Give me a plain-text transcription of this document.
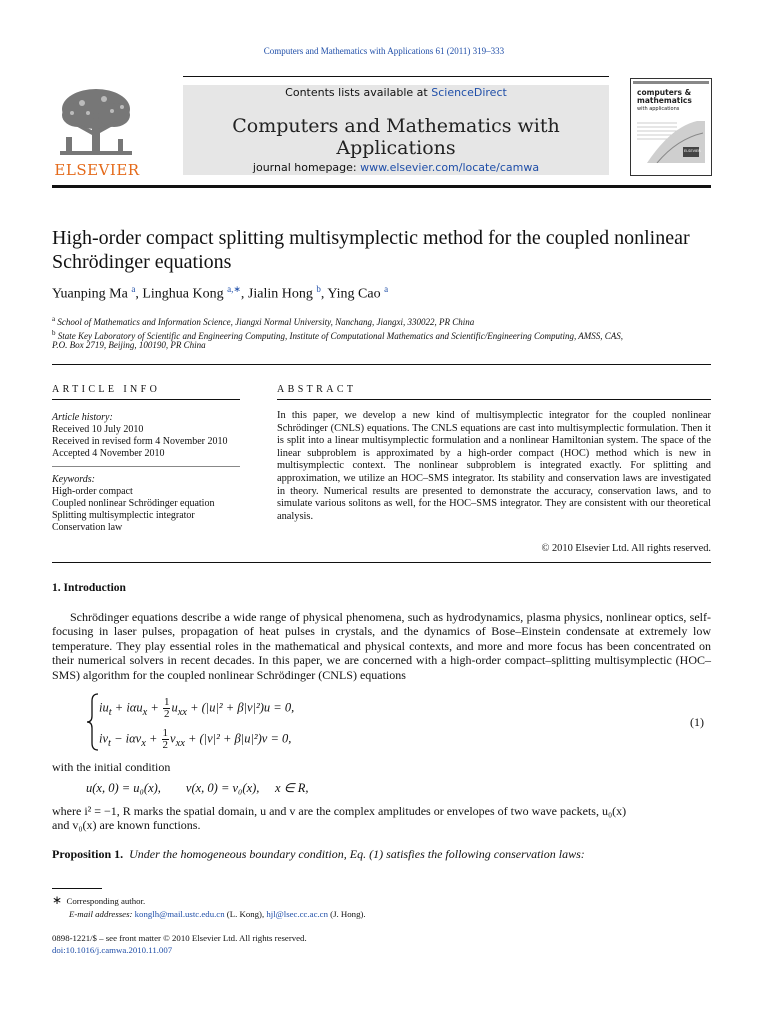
Computers and Mathematics with Applications 61 (2011) 319–333
ELSEVIER
Contents lists available at ScienceDirect
Computers and Mathematics with Applications
journal homepage: www.elsevier.com/locate/camwa
computers &
mathematics
with applications
ELSEVIER
High-order compact splitting multisymplectic method for the coupled nonlinear Schrödinger equations
Yuanping Ma $^a$, Linghua Kong $^{a,∗}$, Jialin Hong $^b$, Ying Cao $^a$
$^a$ School of Mathematics and Information Science, Jiangxi Normal University, Nanchang, Jiangxi, 330022, PR China
$^b$ State Key Laboratory of Scientific and Engineering Computing, Institute of Computational Mathematics and Scientific/Engineering Computing, AMSS, CAS,
P.O. Box 2719, Beijing, 100190, PR China
ARTICLE INFO
Article history:
Received 10 July 2010
Received in revised form 4 November 2010
Accepted 4 November 2010
Keywords:
High-order compact
Coupled nonlinear Schrödinger equation
Splitting multisymplectic integrator
Conservation law
ABSTRACT
In this paper, we develop a new kind of multisymplectic integrator for the coupled nonlinear Schrödinger (CNLS) equations. The CNLS equations are cast into multisymplectic formulation. Then it is split into a linear multisymplectic formulation and a nonlinear Hamiltonian system. The space of the linear subproblem is approximated by a high-order compact (HOC) method which is new in multisymplectic context. The nonlinear subproblem is integrated exactly. For splitting and approximation, we utilize an HOC–SMS integrator. Its stability and conservation laws are investigated in theory. Numerical results are presented to demonstrate the accuracy, conservation laws, and to simulate various solitons as well, for the HOC–SMS integrator. They are consistent with our theoretical analysis.
© 2010 Elsevier Ltd. All rights reserved.
1. Introduction
Schrödinger equations describe a wide range of physical phenomena, such as hydrodynamics, plasma physics, nonlinear optics, self-focusing in laser pulses, propagation of heat pulses in crystals, and the dynamics of Bose–Einstein condensate at extremely low temperature. They play essential roles in the mathematical and physical contexts, and more and more focus has been concentrated on their numerical solvers in recent decades. In this paper, we are concerned with a high-order compact–splitting multisymplectic (HOC–SMS) algorithm for the coupled nonlinear Schrödinger (CNLS) equations
$iu_t + i\alpha u_x + \frac{1}{2} u_{xx} + (|u|^2 + \beta|v|^2)u = 0$,
$iv_t - i\alpha v_x + \frac{1}{2} v_{xx} + (|v|^2 + \beta|u|^2)v = 0$,
(1)
with the initial condition
u(x, 0) = u₀(x),        v(x, 0) = v₀(x),     x ∈ R,
where i² = −1, R marks the spatial domain, u and v are the complex amplitudes or envelopes of two wave packets, u₀(x)
and v₀(x) are known functions.
Proposition 1. Under the homogeneous boundary condition, Eq. (1) satisfies the following conservation laws:
∗ Corresponding author.
E-mail addresses: konglh@mail.ustc.edu.cn (L. Kong), hjl@lsec.cc.ac.cn (J. Hong).
0898-1221/$ – see front matter © 2010 Elsevier Ltd. All rights reserved.
doi:10.1016/j.camwa.2010.11.007
